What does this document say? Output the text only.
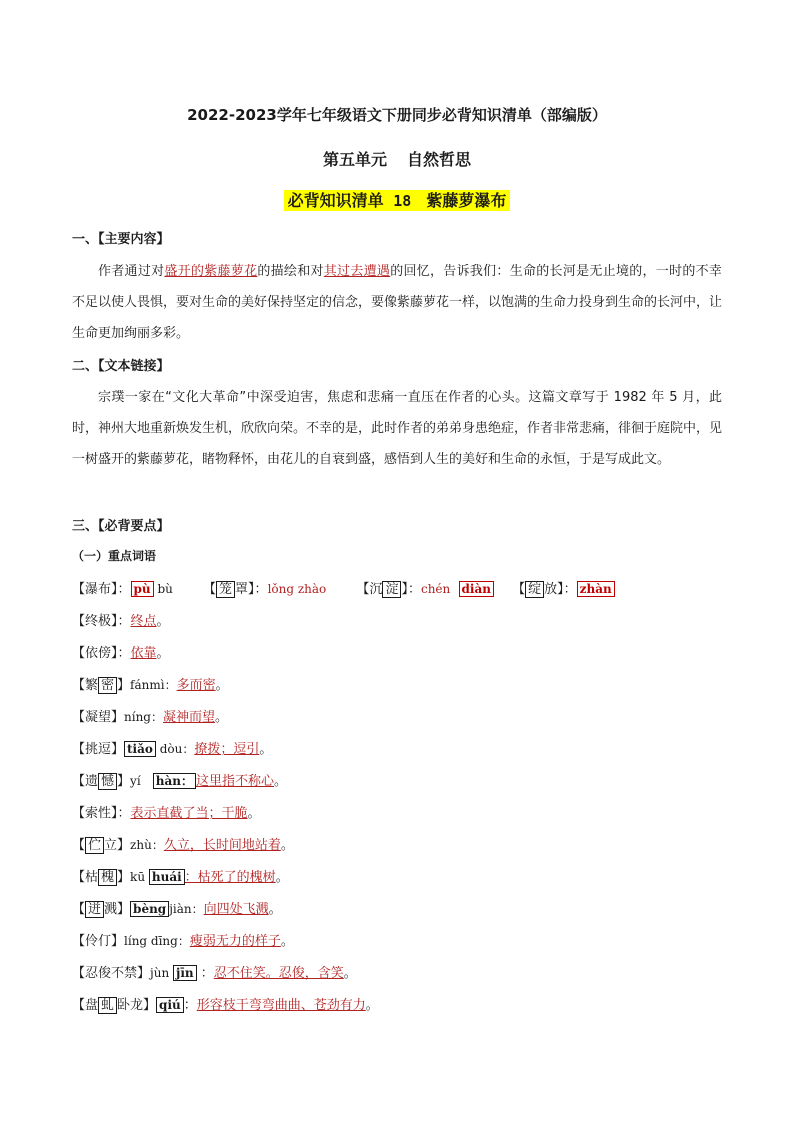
2022-2023学年七年级语文下册同步必背知识清单（部编版）
第五单元 自然哲思
必背知识清单 18 紫藤萝瀑布
一、【主要内容】
作者通过对盛开的紫藤萝花的描绘和对其过去遭遇的回忆，告诉我们：生命的长河是无止境的，一时的不幸不足以使人畏惧，要对生命的美好保持坚定的信念，要像紫藤萝花一样，以饱满的生命力投身到生命的长河中，让生命更加绚丽多彩。
二、【文本链接】
宗璞一家在“文化大革命”中深受迫害，焦虑和悲痛一直压在作者的心头。这篇文章写于 1982 年 5 月，此时，神州大地重新焕发生机，欣欣向荣。不幸的是，此时作者的弟弟身患绝症，作者非常悲痛，徘徊于庭院中，见一树盛开的紫藤萝花，睹物释怀，由花儿的自衰到盛，感悟到人生的美好和生命的永恒，于是写成此文。
三、【必背要点】
（一）重点词语
【瀑布】： pù bù 【 笼 罩】：lǒng zhào 【沉 淀 】：chén diàn 【 绽 放】： zhàn
【终极】：终点。
【依傍】：依靠。
【繁 密 】fánmì：多而密。
【凝望】níng：凝神而望。
【挑逗】 tiǎo dòu：撩拨；逗引。
【遗 憾 】yí   hàn： 这里指不称心。
【索性】：表示直截了当；干脆。
【 伫 立】zhù：久立，长时间地站着。
【枯 槐 】kū huái ：枯死了的槐树。
【 迸 溅】 bèng jiàn：向四处飞溅。
【伶仃】líng dīng：瘦弱无力的样子。
【忍俊不禁】jùn jīn ：忍不住笑。忍俊，含笑。
【盘 虬 卧龙】 qiú ：形容枝干弯弯曲曲、苍劲有力。
